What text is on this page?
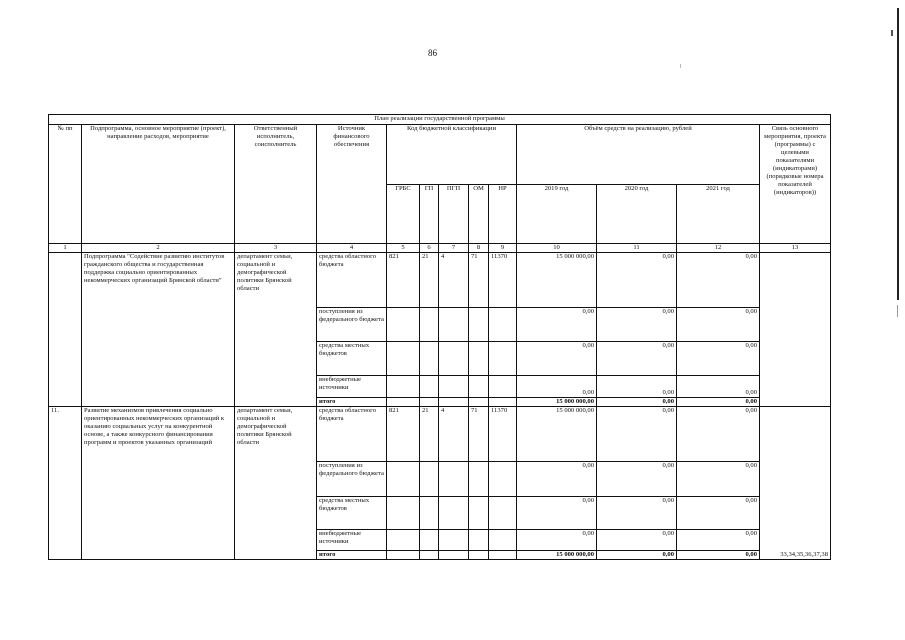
86
План реализации государственной программы												
№ пп	Подпрограмма, основное мероприятие (проект), направление расходов, мероприятие	Ответственный исполнитель, соисполнитель	Источник финансового обеспечения	Код бюджетной классификации					Объём средств на реализацию, рублей			Связь основного мероприятия, проекта (программы) с целевыми показателями (индикаторами) (порядковые номера показателей (индикаторов))
				ГРБС	ГП	ПГП	ОМ	НР	2019 год	2020 год	2021 год	
1	2	3	4	5	6	7	8	9	10	11	12	13
	Подпрограмма "Содействие развитию институтов гражданского общества и государственная поддержка социально ориентированных некоммерческих организаций Брянской области"	департамент семьи, социальной и демографической политики Брянской области	средства областного бюджета	821	21	4	71	11370	15 000 000,00	0,00	0,00	
			поступления из федерального бюджета						0,00	0,00	0,00	
			средства местных бюджетов						0,00	0,00	0,00	
			внебюджетные источники						0,00	0,00	0,00	
			итого						15 000 000,00	0,00	0,00	
11.	Развитие механизмов привлечения социально ориентированных некоммерческих организаций к оказанию социальных услуг на конкурентной основе, а также конкурсного финансирования программ и проектов указанных организаций	департамент семьи, социальной и демографической политики Брянской области	средства областного бюджета	821	21	4	71	11370	15 000 000,00	0,00	0,00	33,34,35,36,37,38
			поступления из федерального бюджета						0,00	0,00	0,00	
			средства местных бюджетов						0,00	0,00	0,00	
			внебюджетные источники						0,00	0,00	0,00	
			итого						15 000 000,00	0,00	0,00	
